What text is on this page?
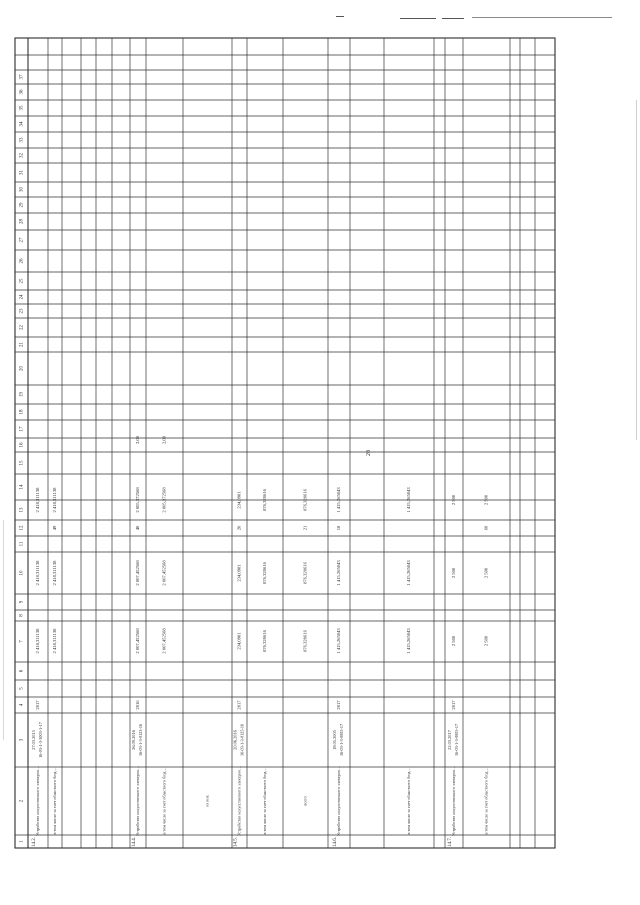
28
1
2
3
4
5
6
7
8
9
10
11
12
13
14
15
16
17
18
19
20
21
22
23
24
25
26
27
28
29
30
31
32
33
34
35
36
37
14.2.
Устройство искусственного электроо…
27.03.2015 16-03-1-3-3003-1-17
2017
2 418,311138
2 418,311138
2 418,311138
в том числе за счет областного бюд…
2 418,311138
2 418,311138
49
2 418,311138
14.4.
Устройство искусственного электроо…
26.09.2016 16-03-1-3-0123-16
2016
2 007,452568
2 007,452568
40
2 005,372568
2,08
в том числе за счет областного бюд…
2 007,452568
2 007,452568
2 005,372568
2,08
из них
14.5.
Устройство искусственного электроо…
20.06.2016 16-03-1-3-0125-16
2017
234,0981
234,0981
20
234,0981
в том числе за счет областного бюд…
876,320616
876,320616
876,320616
всего
876,320616
876,320616
21
876,320616
14.6.
Устройство искусственного электроо…
18.05.2005 16-03-1-3-0005-17
2017
1 415,265043
1 415,265043
18
1 415,265043
в том числе за счет областного бюд…
1 415,265043
1 415,265043
1 415,265043
14.7.
Устройство искусственного электроо…
22.03.2017 16-03-1-3-0005-17
2017
2 500
2 500
2 500
в том числе за счет областного бюд…
2 500
2 500
60
2 500
